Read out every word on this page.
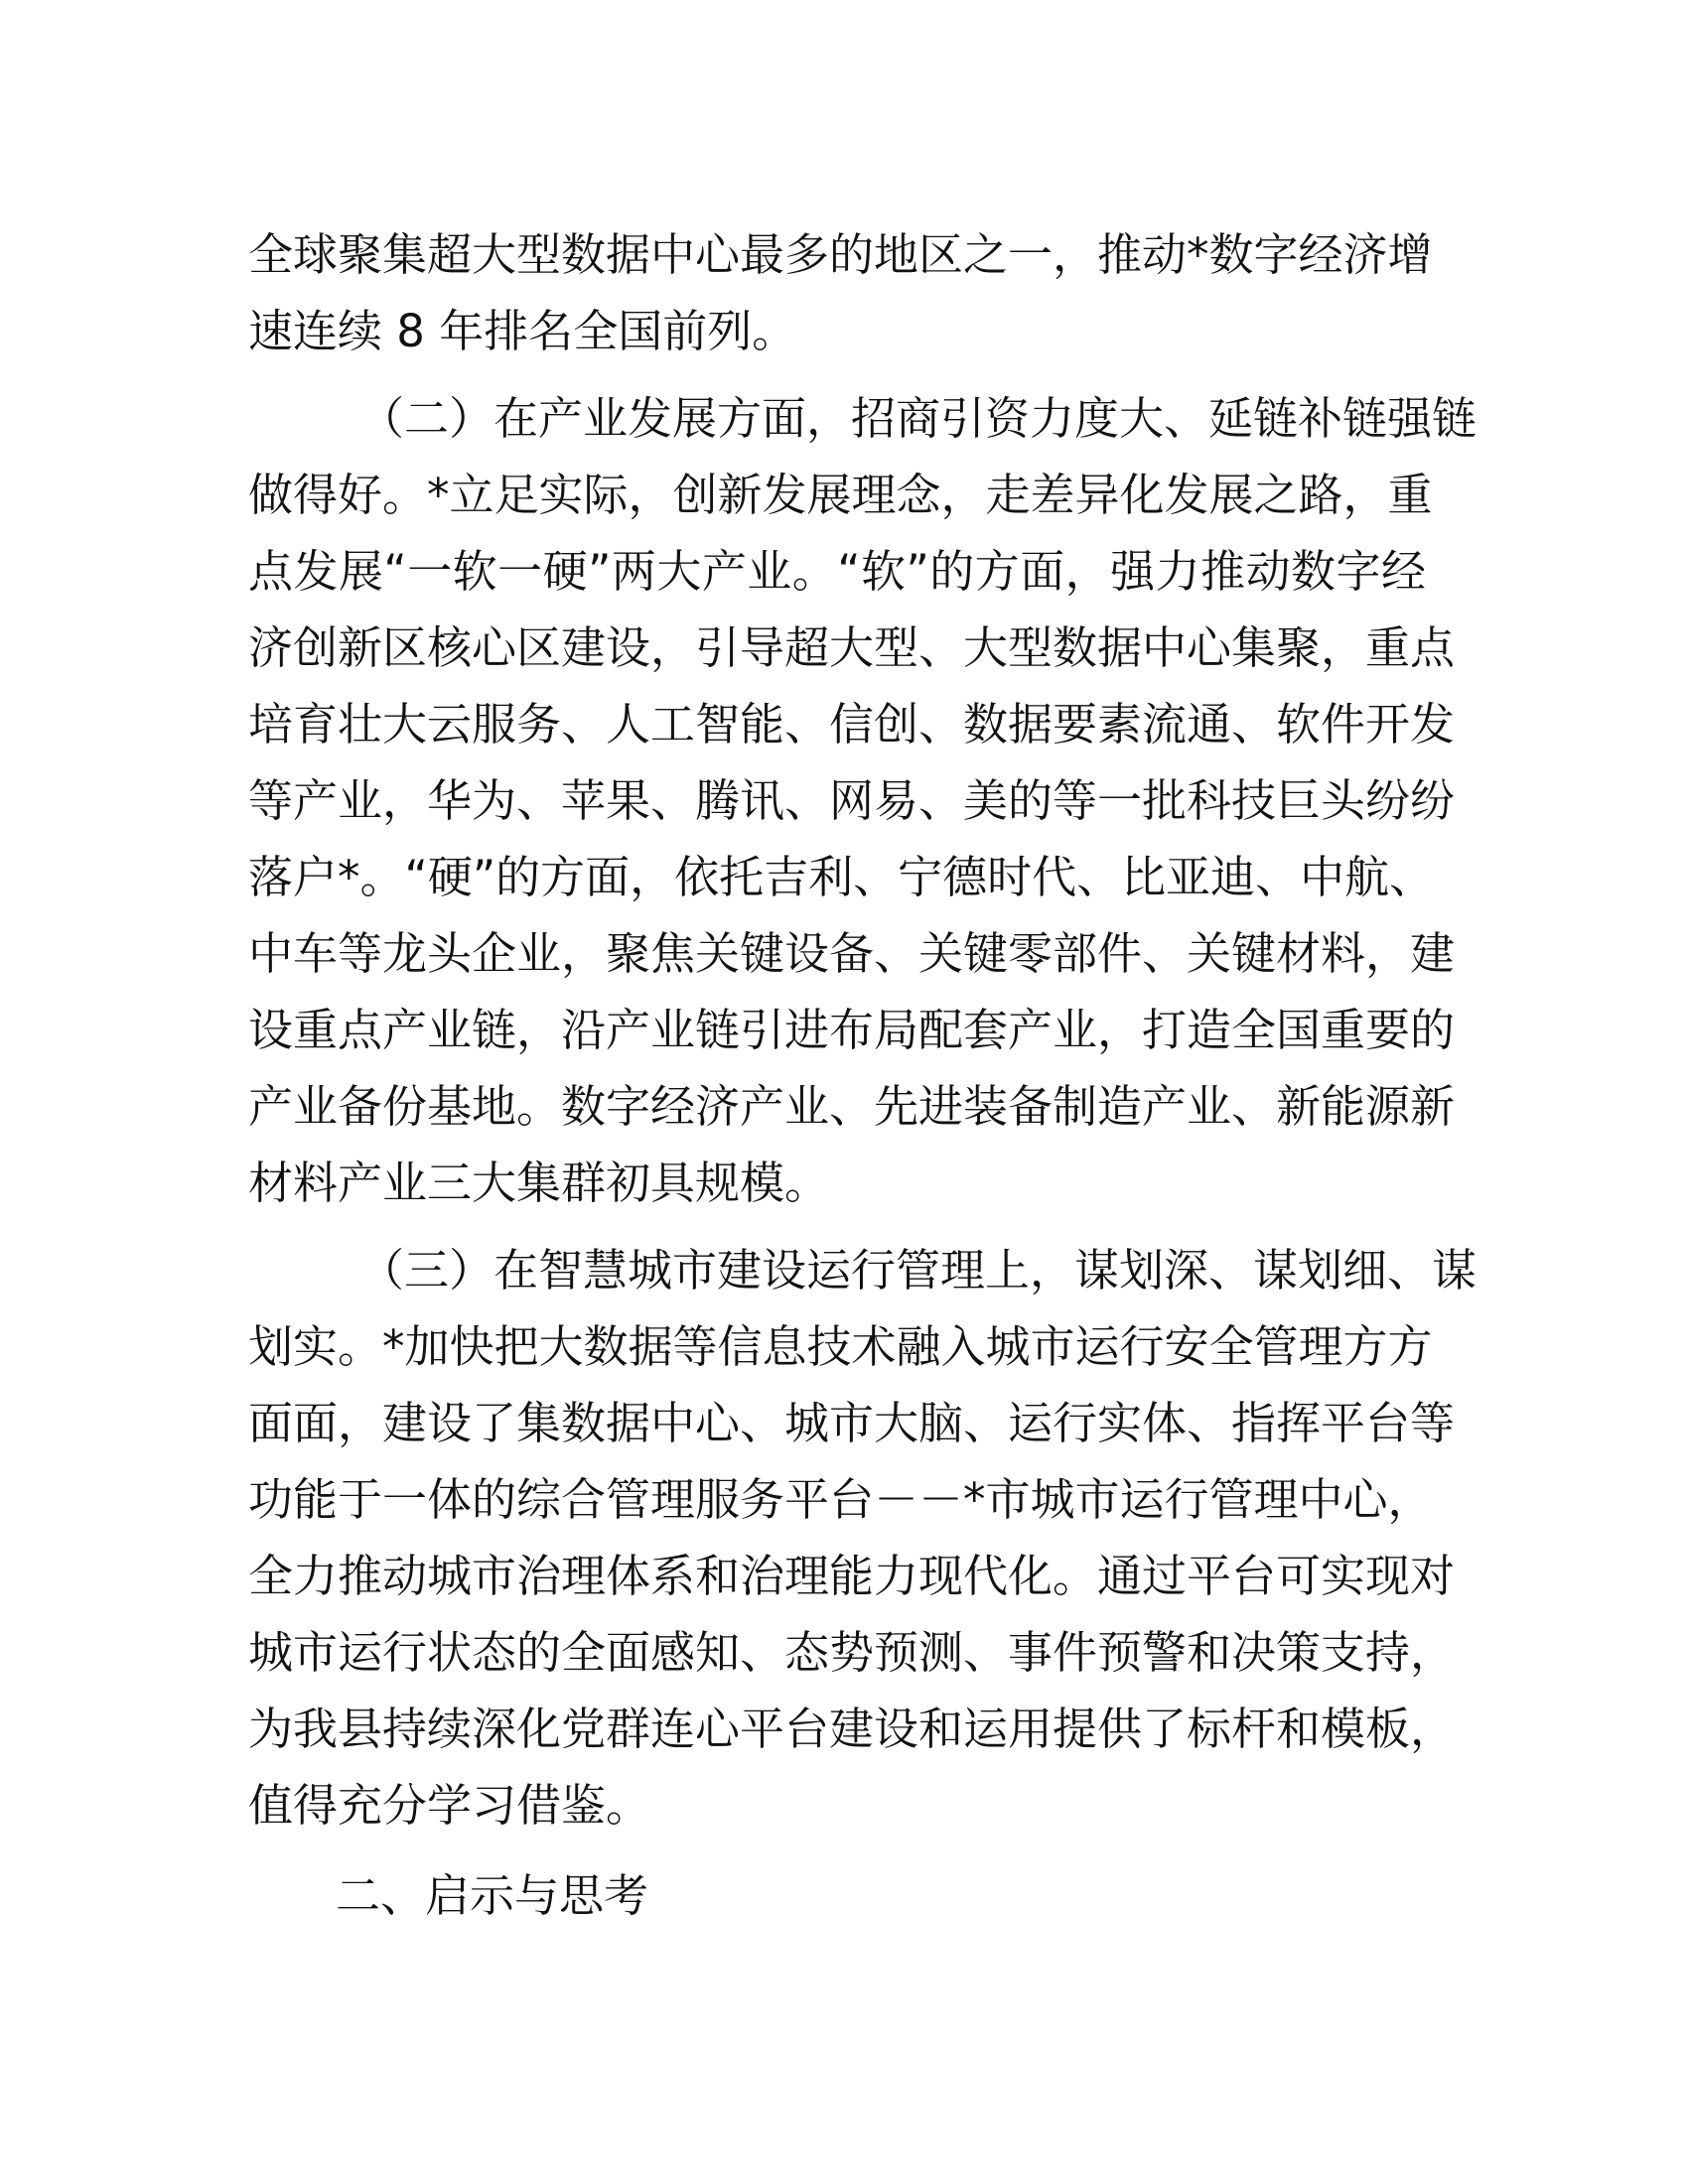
全球聚集超大型数据中心最多的地区之一，推动*数字经济增
速连续 8 年排名全国前列。
（二）在产业发展方面，招商引资力度大、延链补链强链
做得好。*立足实际，创新发展理念，走差异化发展之路，重
点发展“一软一硬”两大产业。“软”的方面，强力推动数字经
济创新区核心区建设，引导超大型、大型数据中心集聚，重点
培育壮大云服务、人工智能、信创、数据要素流通、软件开发
等产业，华为、苹果、腾讯、网易、美的等一批科技巨头纷纷
落户*。“硬”的方面，依托吉利、宁德时代、比亚迪、中航、
中车等龙头企业，聚焦关键设备、关键零部件、关键材料，建
设重点产业链，沿产业链引进布局配套产业，打造全国重要的
产业备份基地。数字经济产业、先进装备制造产业、新能源新
材料产业三大集群初具规模。
（三）在智慧城市建设运行管理上，谋划深、谋划细、谋
划实。*加快把大数据等信息技术融入城市运行安全管理方方
面面，建设了集数据中心、城市大脑、运行实体、指挥平台等
功能于一体的综合管理服务平台－－*市城市运行管理中心，
全力推动城市治理体系和治理能力现代化。通过平台可实现对
城市运行状态的全面感知、态势预测、事件预警和决策支持，
为我县持续深化党群连心平台建设和运用提供了标杆和模板，
值得充分学习借鉴。
二、启示与思考
